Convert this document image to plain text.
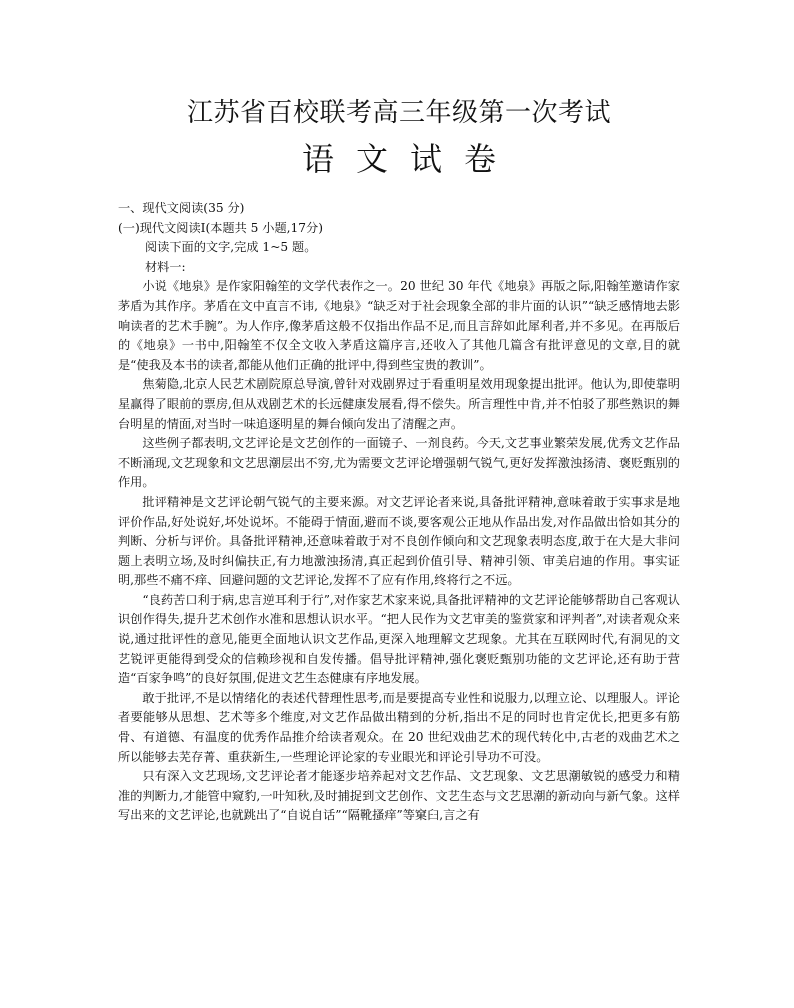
江苏省百校联考高三年级第一次考试
语文试卷

一、现代文阅读(35 分)

(一)现代文阅读Ⅰ(本题共 5 小题,17分)

阅读下面的文字,完成 1~5 题。

材料一:

小说《地泉》是作家阳翰笙的文学代表作之一。20 世纪 30 年代《地泉》再版之际,阳翰笙邀请作家茅盾为其作序。茅盾在文中直言不讳,《地泉》“缺乏对于社会现象全部的非片面的认识”“缺乏感情地去影响读者的艺术手腕”。为人作序,像茅盾这般不仅指出作品不足,而且言辞如此犀利者,并不多见。在再版后的《地泉》一书中,阳翰笙不仅全文收入茅盾这篇序言,还收入了其他几篇含有批评意见的文章,目的就是“使我及本书的读者,都能从他们正确的批评中,得到些宝贵的教训”。

焦菊隐,北京人民艺术剧院原总导演,曾针对戏剧界过于看重明星效用现象提出批评。他认为,即使靠明星赢得了眼前的票房,但从戏剧艺术的长远健康发展看,得不偿失。所言理性中肯,并不怕驳了那些熟识的舞台明星的情面,对当时一味追逐明星的舞台倾向发出了清醒之声。

这些例子都表明,文艺评论是文艺创作的一面镜子、一剂良药。今天,文艺事业繁荣发展,优秀文艺作品不断涌现,文艺现象和文艺思潮层出不穷,尤为需要文艺评论增强朝气锐气,更好发挥激浊扬清、褒贬甄别的作用。

批评精神是文艺评论朝气锐气的主要来源。对文艺评论者来说,具备批评精神,意味着敢于实事求是地评价作品,好处说好,坏处说坏。不能碍于情面,避而不谈,要客观公正地从作品出发,对作品做出恰如其分的判断、分析与评价。具备批评精神,还意味着敢于对不良创作倾向和文艺现象表明态度,敢于在大是大非问题上表明立场,及时纠偏扶正,有力地激浊扬清,真正起到价值引导、精神引领、审美启迪的作用。事实证明,那些不痛不痒、回避问题的文艺评论,发挥不了应有作用,终将行之不远。

“良药苦口利于病,忠言逆耳利于行”,对作家艺术家来说,具备批评精神的文艺评论能够帮助自己客观认识创作得失,提升艺术创作水准和思想认识水平。“把人民作为文艺审美的鉴赏家和评判者”,对读者观众来说,通过批评性的意见,能更全面地认识文艺作品,更深入地理解文艺现象。尤其在互联网时代,有洞见的文艺锐评更能得到受众的信赖珍视和自发传播。倡导批评精神,强化褒贬甄别功能的文艺评论,还有助于营造“百家争鸣”的良好氛围,促进文艺生态健康有序地发展。

敢于批评,不是以情绪化的表述代替理性思考,而是要提高专业性和说服力,以理立论、以理服人。评论者要能够从思想、艺术等多个维度,对文艺作品做出精到的分析,指出不足的同时也肯定优长,把更多有筋骨、有道德、有温度的优秀作品推介给读者观众。在 20 世纪戏曲艺术的现代转化中,古老的戏曲艺术之所以能够去芜存菁、重获新生,一些理论评论家的专业眼光和评论引导功不可没。

只有深入文艺现场,文艺评论者才能逐步培养起对文艺作品、文艺现象、文艺思潮敏锐的感受力和精准的判断力,才能管中窥豹,一叶知秋,及时捕捉到文艺创作、文艺生态与文艺思潮的新动向与新气象。这样写出来的文艺评论,也就跳出了“自说自话”“隔靴搔痒”等窠臼,言之有
